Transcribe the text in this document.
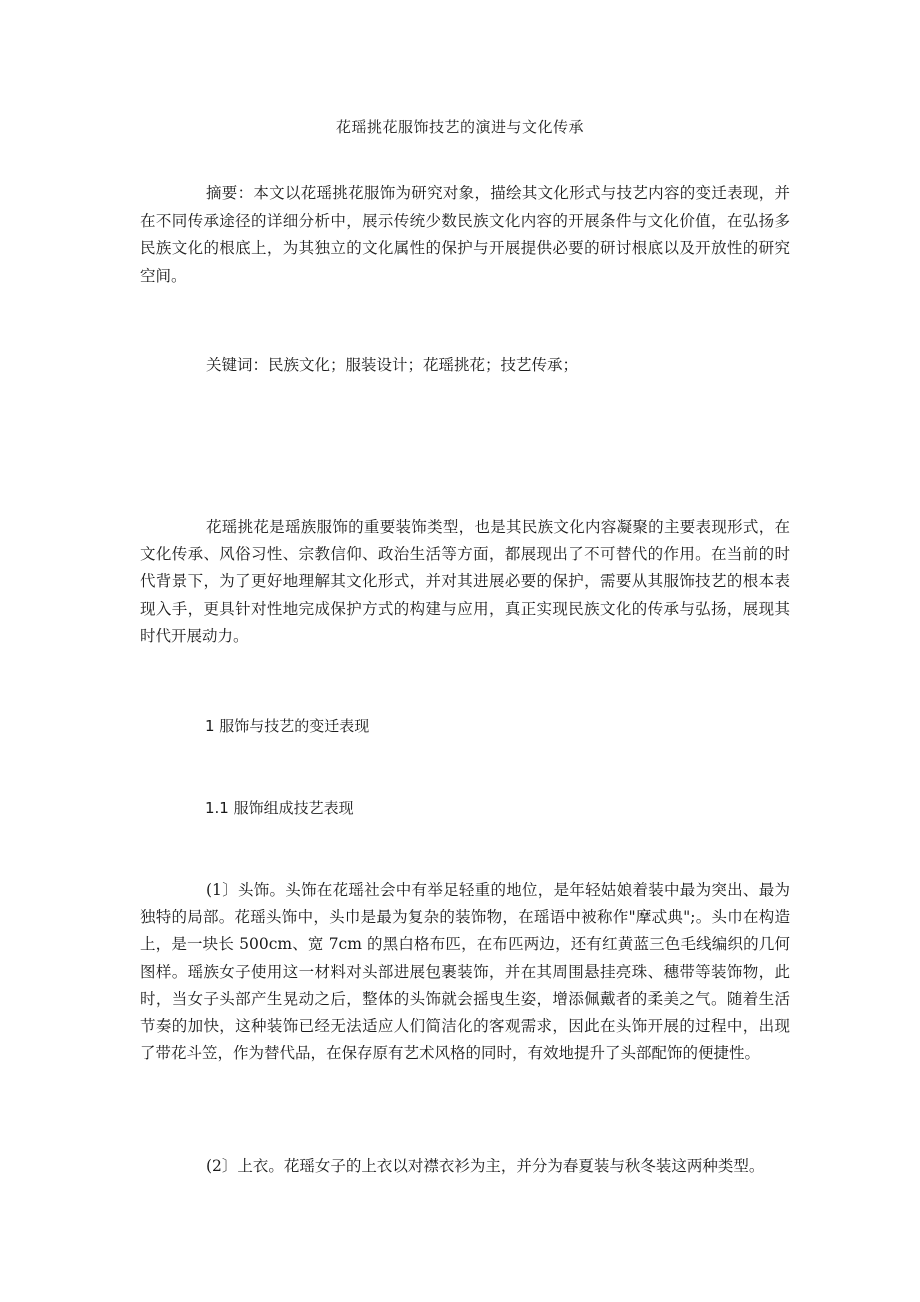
花瑶挑花服饰技艺的演进与文化传承
摘要：本文以花瑶挑花服饰为研究对象，描绘其文化形式与技艺内容的变迁表现，并在不同传承途径的详细分析中，展示传统少数民族文化内容的开展条件与文化价值，在弘扬多民族文化的根底上，为其独立的文化属性的保护与开展提供必要的研讨根底以及开放性的研究空间。
关键词：民族文化；服装设计；花瑶挑花；技艺传承；
花瑶挑花是瑶族服饰的重要装饰类型，也是其民族文化内容凝聚的主要表现形式，在文化传承、风俗习性、宗教信仰、政治生活等方面，都展现出了不可替代的作用。在当前的时代背景下，为了更好地理解其文化形式，并对其进展必要的保护，需要从其服饰技艺的根本表现入手，更具针对性地完成保护方式的构建与应用，真正实现民族文化的传承与弘扬，展现其时代开展动力。
1 服饰与技艺的变迁表现
1.1 服饰组成技艺表现
(1〕头饰。头饰在花瑶社会中有举足轻重的地位，是年轻姑娘着装中最为突出、最为独特的局部。花瑶头饰中，头巾是最为复杂的装饰物，在瑶语中被称作"摩忒典";。头巾在构造上，是一块长 500cm、宽 7cm 的黑白格布匹，在布匹两边，还有红黄蓝三色毛线编织的几何图样。瑶族女子使用这一材料对头部进展包裹装饰，并在其周围悬挂亮珠、穗带等装饰物，此时，当女子头部产生晃动之后，整体的头饰就会摇曳生姿，增添佩戴者的柔美之气。随着生活节奏的加快，这种装饰已经无法适应人们简洁化的客观需求，因此在头饰开展的过程中，出现了带花斗笠，作为替代品，在保存原有艺术风格的同时，有效地提升了头部配饰的便捷性。
(2〕上衣。花瑶女子的上衣以对襟衣衫为主，并分为春夏装与秋冬装这两种类型。
